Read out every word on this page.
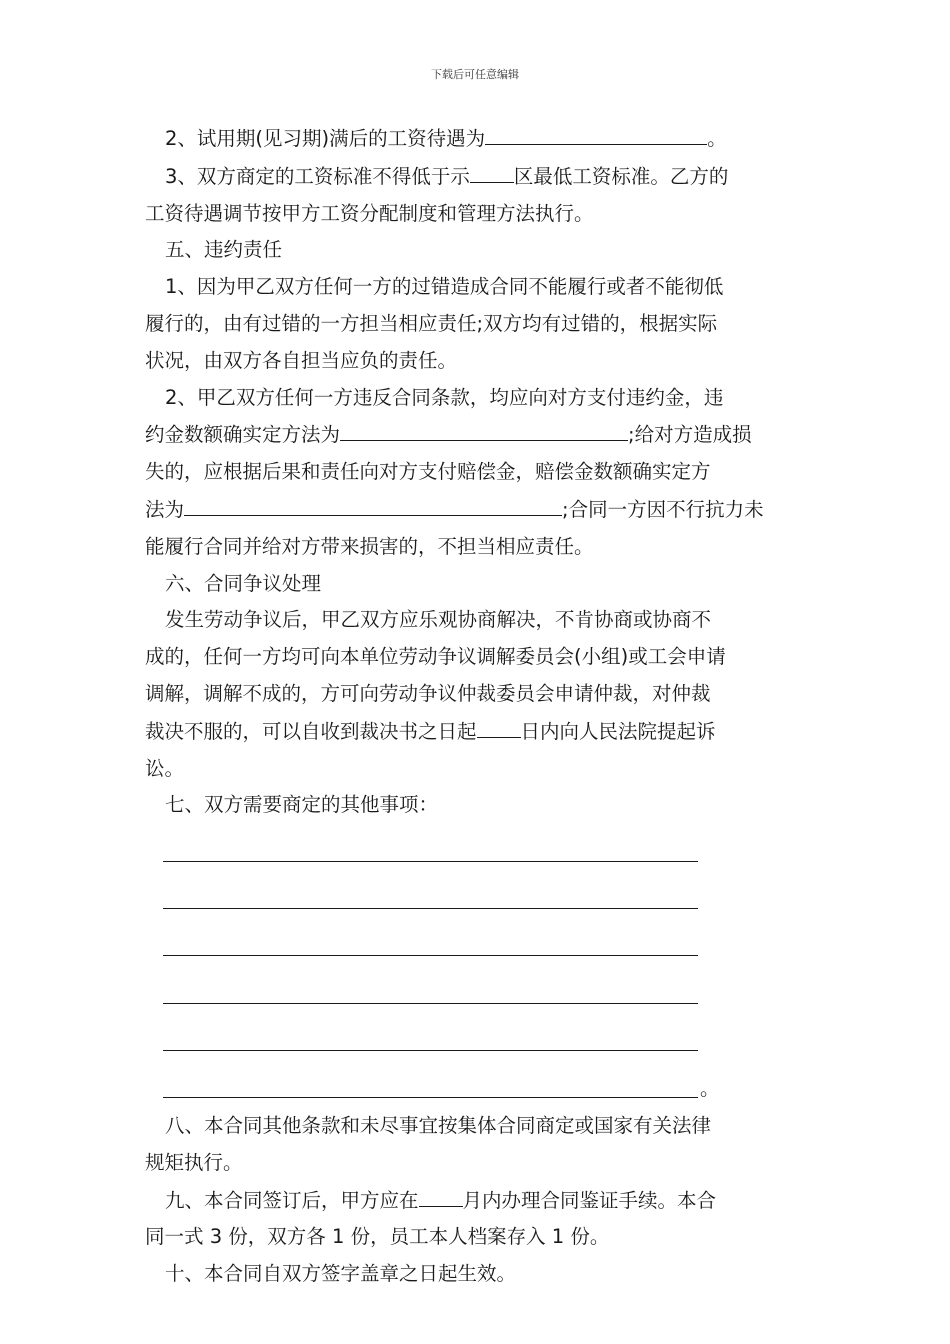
下载后可任意编辑

2、试用期(见习期)满后的工资待遇为	。

3、双方商定的工资标准不得低于示 区最低工资标准。乙方的

工资待遇调节按甲方工资分配制度和管理方法执行。

五、违约责任

1、因为甲乙双方任何一方的过错造成合同不能履行或者不能彻低

履行的，由有过错的一方担当相应责任;双方均有过错的，根据实际

状况，由双方各自担当应负的责任。

2、甲乙双方任何一方违反合同条款，均应向对方支付违约金，违

约金数额确实定方法为	;给对方造成损

失的，应根据后果和责任向对方支付赔偿金，赔偿金数额确实定方

法为	;合同一方因不行抗力未

能履行合同并给对方带来损害的，不担当相应责任。

六、合同争议处理

发生劳动争议后，甲乙双方应乐观协商解决，不肯协商或协商不

成的，任何一方均可向本单位劳动争议调解委员会(小组)或工会申请

调解，调解不成的，方可向劳动争议仲裁委员会申请仲裁，对仲裁

裁决不服的，可以自收到裁决书之日起 日内向人民法院提起诉

讼。

七、双方需要商定的其他事项：

。

八、本合同其他条款和未尽事宜按集体合同商定或国家有关法律

规矩执行。

九、本合同签订后，甲方应在 月内办理合同鉴证手续。本合

同一式 3 份，双方各 1 份，员工本人档案存入 1 份。

十、本合同自双方签字盖章之日起生效。
